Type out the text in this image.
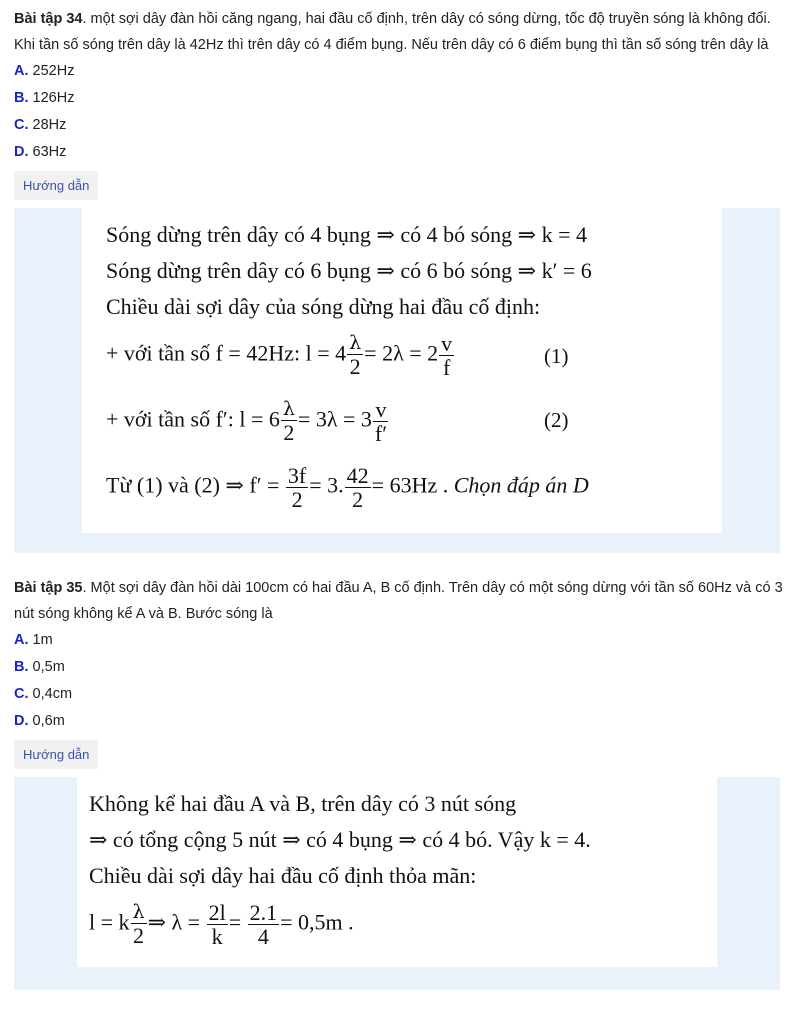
Bài tập 34. một sợi dây đàn hồi căng ngang, hai đầu cố định, trên dây có sóng dừng, tốc độ truyền sóng là không đổi. Khi tần số sóng trên dây là 42Hz thì trên dây có 4 điểm bụng. Nếu trên dây có 6 điểm bụng thì tần số sóng trên dây là
A. 252Hz
B. 126Hz
C. 28Hz
D. 63Hz
Hướng dẫn
Sóng dừng trên dây có 4 bụng ⇒ có 4 bó sóng ⇒ k = 4
Sóng dừng trên dây có 6 bụng ⇒ có 6 bó sóng ⇒ k′ = 6
Chiều dài sợi dây của sóng dừng hai đầu cố định:
+ với tần số f = 42Hz: $l = 4 \frac{\lambda}{2} = 2\lambda = 2 \frac{v}{f}$	(1)
+ với tần số f′: $l = 6 \frac{\lambda}{2} = 3\lambda = 3 \frac{v}{f'}$	(2)
Từ (1) và (2) ⇒ $f' = \frac{3f}{2} = 3$. $\frac{42}{2} = 63Hz$ . Chọn đáp án D
Bài tập 35. Một sợi dây đàn hồi dài 100cm có hai đầu A, B cố định. Trên dây có một sóng dừng với tần số 60Hz và có 3 nút sóng không kể A và B. Bước sóng là
A. 1m
B. 0,5m
C. 0,4cm
D. 0,6m
Hướng dẫn
Không kể hai đầu A và B, trên dây có 3 nút sóng
⇒ có tổng cộng 5 nút ⇒ có 4 bụng ⇒ có 4 bó. Vậy k = 4.
Chiều dài sợi dây hai đầu cố định thỏa mãn:
l = k $\frac{\lambda}{2}$ ⇒ $\lambda = \frac{2l}{k} = \frac{2.1}{4} = 0,5m$ .
